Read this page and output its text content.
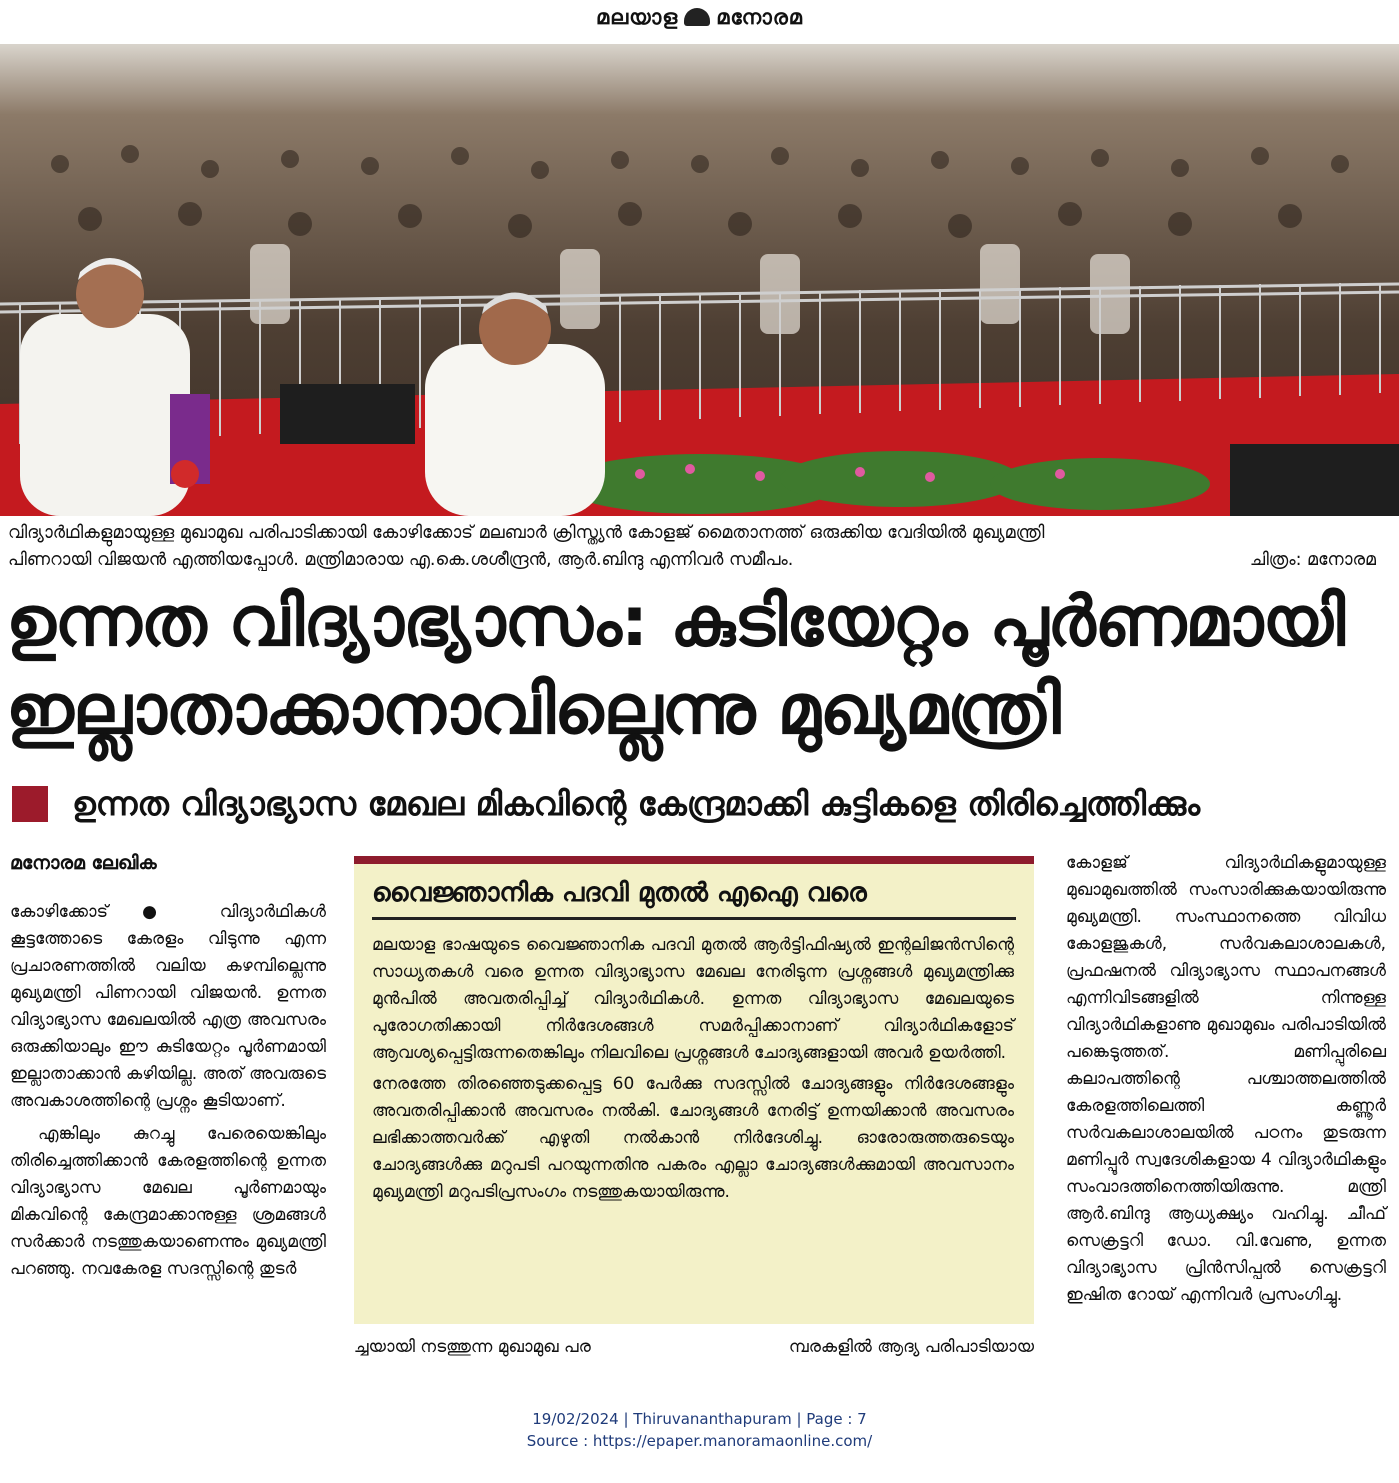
മലയാള മനോരമ
വിദ്യാർഥികളുമായുള്ള മുഖാമുഖ പരിപാടിക്കായി കോഴിക്കോട് മലബാർ ക്രിസ്ത്യൻ കോളജ് മൈതാനത്ത് ഒരുക്കിയ വേദിയിൽ മുഖ്യമന്ത്രി
പിണറായി വിജയൻ എത്തിയപ്പോൾ. മന്ത്രിമാരായ എ.കെ.ശശീന്ദ്രൻ, ആർ.ബിന്ദു എന്നിവർ സമീപം.	ചിത്രം: മനോരമ
ഉന്നത വിദ്യാഭ്യാസം: കുടിയേറ്റം പൂർണമായി
ഇല്ലാതാക്കാനാവില്ലെന്നു മുഖ്യമന്ത്രി
ഉന്നത വിദ്യാഭ്യാസ മേഖല മികവിന്റെ കേന്ദ്രമാക്കി കുട്ടികളെ തിരിച്ചെത്തിക്കും

മനോരമ ലേഖിക

കോഴിക്കോട് ● വിദ്യാർഥികൾ കൂട്ടത്തോടെ കേരളം വിടുന്നു എന്ന പ്രചാരണത്തിൽ വലിയ കഴമ്പില്ലെന്നു മുഖ്യമന്ത്രി പിണറായി വിജയൻ. ഉന്നത വിദ്യാഭ്യാസ മേഖലയിൽ എത്ര അവസരം ഒരുക്കിയാലും ഈ കുടിയേറ്റം പൂർണമായി ഇല്ലാതാക്കാൻ കഴിയില്ല. അത് അവരുടെ അവകാശത്തിന്റെ പ്രശ്നം കൂടിയാണ്.

എങ്കിലും കുറച്ചു പേരെയെങ്കിലും തിരിച്ചെത്തിക്കാൻ കേരളത്തിന്റെ ഉന്നത വിദ്യാഭ്യാസ മേഖല പൂർണമായും മികവിന്റെ കേന്ദ്രമാക്കാനുള്ള ശ്രമങ്ങൾ സർക്കാർ നടത്തുകയാണെന്നും മുഖ്യമന്ത്രി പറഞ്ഞു. നവകേരള സദസ്സിന്റെ തുടർ

വൈജ്ഞാനിക പദവി മുതൽ എഐ വരെ

മലയാള ഭാഷയുടെ വൈജ്ഞാനിക പദവി മുതൽ ആർട്ടിഫിഷ്യൽ ഇന്റലിജൻസിന്റെ സാധ്യതകൾ വരെ ഉന്നത വിദ്യാഭ്യാസ മേഖല നേരിടുന്ന പ്രശ്നങ്ങൾ മുഖ്യമന്ത്രിക്കു മുൻപിൽ അവതരിപ്പിച്ച് വിദ്യാർഥികൾ. ഉന്നത വിദ്യാഭ്യാസ മേഖലയുടെ പുരോഗതിക്കായി നിർദേശങ്ങൾ സമർപ്പിക്കാനാണ് വിദ്യാർഥികളോട് ആവശ്യപ്പെട്ടിരുന്നതെങ്കിലും നിലവിലെ പ്രശ്നങ്ങൾ ചോദ്യങ്ങളായി അവർ ഉയർത്തി.

നേരത്തേ തിരഞ്ഞെടുക്കപ്പെട്ട 60 പേർക്കു സദസ്സിൽ ചോദ്യങ്ങളും നിർദേശങ്ങളും അവതരിപ്പിക്കാൻ അവസരം നൽകി. ചോദ്യങ്ങൾ നേരിട്ട് ഉന്നയിക്കാൻ അവസരം ലഭിക്കാത്തവർക്ക് എഴുതി നൽകാൻ നിർദേശിച്ചു. ഓരോരുത്തരുടെയും ചോദ്യങ്ങൾക്കു മറുപടി പറയുന്നതിനു പകരം എല്ലാ ചോദ്യങ്ങൾക്കുമായി അവസാനം മുഖ്യമന്ത്രി മറുപടിപ്രസംഗം നടത്തുകയായിരുന്നു.

ച്ചയായി നടത്തുന്ന മുഖാമുഖ പര	മ്പരകളിൽ ആദ്യ പരിപാടിയായ

കോളജ് വിദ്യാർഥികളുമായുള്ള മുഖാമുഖത്തിൽ സംസാരിക്കുകയായിരുന്നു മുഖ്യമന്ത്രി. സംസ്ഥാനത്തെ വിവിധ കോളജുകൾ, സർവകലാശാലകൾ, പ്രഫഷനൽ വിദ്യാഭ്യാസ സ്ഥാപനങ്ങൾ എന്നിവിടങ്ങളിൽ നിന്നുള്ള വിദ്യാർഥികളാണു മുഖാമുഖം പരിപാടിയിൽ പങ്കെടുത്തത്. മണിപ്പുരിലെ കലാപത്തിന്റെ പശ്ചാത്തലത്തിൽ കേരളത്തിലെത്തി കണ്ണൂർ സർവകലാശാലയിൽ പഠനം തുടരുന്ന മണിപ്പൂർ സ്വദേശികളായ 4 വിദ്യാർഥികളും സംവാദത്തിനെത്തിയിരുന്നു. മന്ത്രി ആർ.ബിന്ദു ആധ്യക്ഷ്യം വഹിച്ചു. ചീഫ് സെക്രട്ടറി ഡോ. വി.വേണു, ഉന്നത വിദ്യാഭ്യാസ പ്രിൻസിപ്പൽ സെക്രട്ടറി ഇഷിത റോയ് എന്നിവർ പ്രസംഗിച്ചു.

19/02/2024 | Thiruvananthapuram | Page : 7
Source : https://epaper.manoramaonline.com/
